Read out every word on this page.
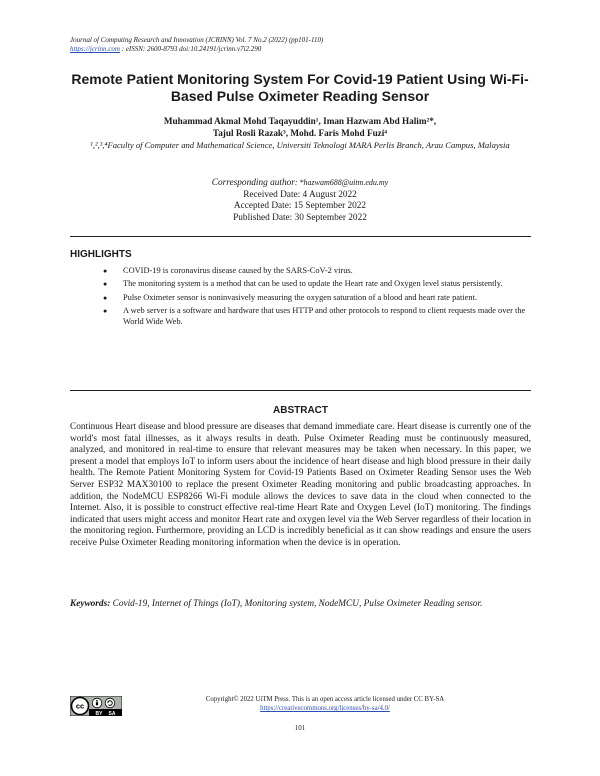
Journal of Computing Research and Innovation (JCRINN) Vol. 7 No.2 (2022) (pp101-110)
https://jcrinn.com : eISSN: 2600-8793 doi:10.24191/jcrinn.v7i2.290
Remote Patient Monitoring System For Covid-19 Patient Using Wi-Fi-Based Pulse Oximeter Reading Sensor
Muhammad Akmal Mohd Taqayuddin¹, Iman Hazwam Abd Halim²*,
Tajul Rosli Razak³, Mohd. Faris Mohd Fuzi⁴
¹,²,³,⁴Faculty of Computer and Mathematical Science, Universiti Teknologi MARA Perlis Branch, Arau Campus, Malaysia
Corresponding author: *hazwam688@uitm.edu.my
Received Date: 4 August 2022
Accepted Date: 15 September 2022
Published Date: 30 September 2022
HIGHLIGHTS
●	COVID-19 is coronavirus disease caused by the SARS-CoV-2 virus.
●	The monitoring system is a method that can be used to update the Heart rate and Oxygen level status persistently.
●	Pulse Oximeter sensor is noninvasively measuring the oxygen saturation of a blood and heart rate patient.
●	A web server is a software and hardware that uses HTTP and other protocols to respond to client requests made over the World Wide Web.
ABSTRACT
Continuous Heart disease and blood pressure are diseases that demand immediate care. Heart disease is currently one of the world's most fatal illnesses, as it always results in death. Pulse Oximeter Reading must be continuously measured, analyzed, and monitored in real-time to ensure that relevant measures may be taken when necessary. In this paper, we present a model that employs IoT to inform users about the incidence of heart disease and high blood pressure in their daily health. The Remote Patient Monitoring System for Covid-19 Patients Based on Oximeter Reading Sensor uses the Web Server ESP32 MAX30100 to replace the present Oximeter Reading monitoring and public broadcasting approaches. In addition, the NodeMCU ESP8266 Wi-Fi module allows the devices to save data in the cloud when connected to the Internet. Also, it is possible to construct effective real-time Heart Rate and Oxygen Level (IoT) monitoring. The findings indicated that users might access and monitor Heart rate and oxygen level via the Web Server regardless of their location in the monitoring region. Furthermore, providing an LCD is incredibly beneficial as it can show readings and ensure the users receive Pulse Oximeter Reading monitoring information when the device is in operation.
Keywords: Covid-19, Internet of Things (IoT), Monitoring system, NodeMCU, Pulse Oximeter Reading sensor.
cc
BY SA
Copyright© 2022 UiTM Press. This is an open access article licensed under CC BY-SA
https://creativecommons.org/licenses/by-sa/4.0/
101
